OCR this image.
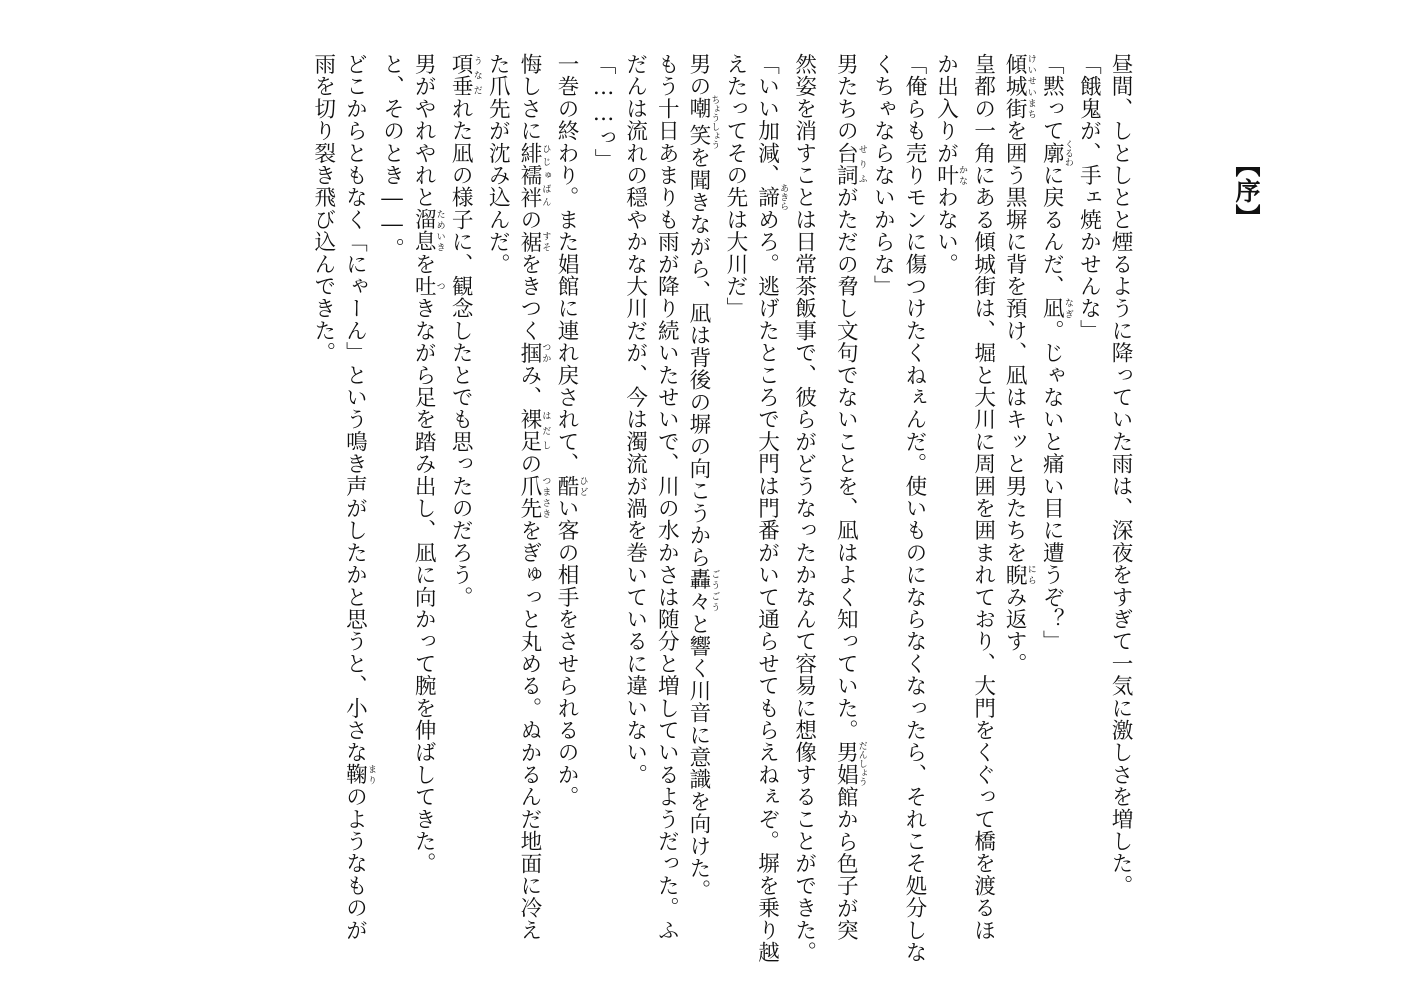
【序】

昼間、しとしとと煙るように降っていた雨は、深夜をすぎて一気に激しさを増した。

「餓鬼が、手ェ焼かせんな」

「黙って廓くるわに戻るんだ、凪なぎ。じゃないと痛い目に遭うぞ？」

傾城街けいせいまちを囲う黒塀に背を預け、凪はキッと男たちを睨にらみ返す。

皇都の一角にある傾城街は、堀と大川に周囲を囲まれており、大門をくぐって橋を渡るほ

か出入りが叶かなわない。

「俺らも売りモンに傷つけたくねぇんだ。使いものにならなくなったら、それこそ処分しな

くちゃならないからな」

男たちの台詞せりふがただの脅し文句でないことを、凪はよく知っていた。男娼だんしょう館から色子が突

然姿を消すことは日常茶飯事で、彼らがどうなったかなんて容易に想像することができた。

「いい加減、諦あきらめろ。逃げたところで大門は門番がいて通らせてもらえねぇぞ。塀を乗り越

えたってその先は大川だ」

男の嘲笑ちょうしょうを聞きながら、凪は背後の塀の向こうから轟々ごうごうと響く川音に意識を向けた。

もう十日あまりも雨が降り続いたせいで、川の水かさは随分と増しているようだった。ふ

だんは流れの穏やかな大川だが、今は濁流が渦を巻いているに違いない。

「……っ」

一巻の終わり。また娼館に連れ戻されて、酷ひどい客の相手をさせられるのか。

悔しさに緋襦袢ひじゅばんの裾すそをきつく掴つかみ、裸足はだしの爪先つまさきをぎゅっと丸める。ぬかるんだ地面に冷え

た爪先が沈み込んだ。

項垂うなだれた凪の様子に、観念したとでも思ったのだろう。

男がやれやれと溜息ためいきを吐つきながら足を踏み出し、凪に向かって腕を伸ばしてきた。

と、そのとき――。

どこからともなく「にゃーん」という鳴き声がしたかと思うと、小さな鞠まりのようなものが

雨を切り裂き飛び込んできた。
